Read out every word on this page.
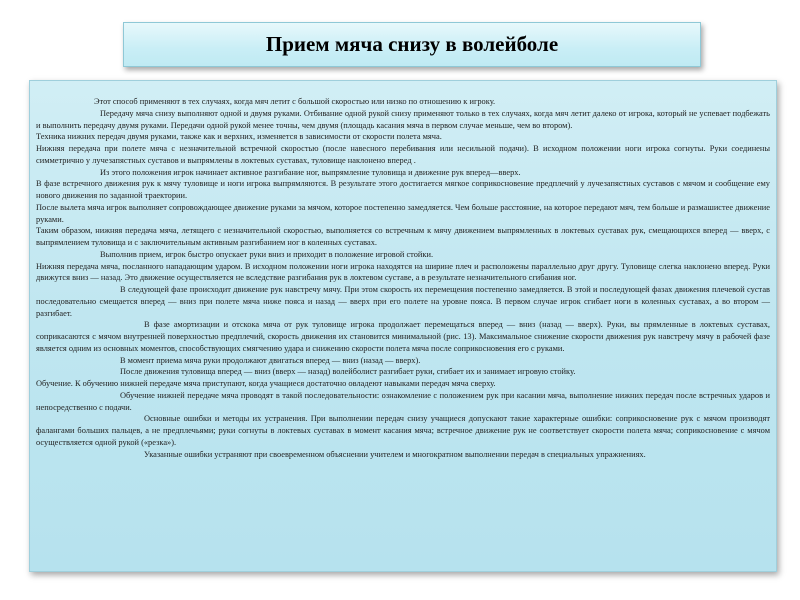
Прием мяча снизу в волейболе

Этот способ применяют в тех случаях, когда мяч летит с большой скоростью или низко по отношению к игроку.

Передачу мяча снизу выполняют одной и двумя руками. Отбивание одной рукой снизу применяют только в тех случаях, когда мяч летит далеко от игрока, который не успевает подбежать и выполнить передачу двумя руками. Передачи одной рукой менее точны, чем двумя (площадь касания мяча в первом случае меньше, чем во втором).

Техника нижних передач двумя руками, также как и верхних, изменяется в зависимости от скорости полета мяча.

Нижняя передача при полете мяча с незначительной встречной скоростью (после навесного перебивания или несильной подачи). В исходном положении ноги игрока согнуты. Руки соединены симметрично у лучезапястных суставов и выпрямлены в локтевых суставах, туловище наклонено вперед .

Из этого положения игрок начинает активное разгибание ног, выпрямление туловища и движение рук вперед—вверх.

В фазе встречного движения рук к мячу туловище и ноги игрока выпрямляются. В результате этого достигается мягкое соприкосновение предплечий у лучезапястных суставов с мячом и сообщение ему нового движения по заданной траектории.

После вылета мяча игрок выполняет сопровождающее движение руками за мячом, которое постепенно замедляется. Чем больше расстояние, на которое передают мяч, тем больше и размашистее движение руками.

Таким образом, нижняя передача мяча, летящего с незначительной скоростью, выполняется со встречным к мячу движением выпрямленных в локтевых суставах рук, смещающихся вперед — вверх, с выпрямлением туловища и с заключительным активным разгибанием ног в коленных суставах.

Выполнив прием, игрок быстро опускает руки вниз и приходит в положение игровой стойки.

Нижняя передача мяча, посланного нападающим ударом. В исходном положении ноги игрока находятся на ширине плеч и расположены параллельно друг другу. Туловище слегка наклонено вперед. Руки движутся вниз — назад. Это движение осуществляется не вследствие разгибания рук в локтевом суставе, а в результате незначительного сгибания ног.

В следующей фазе происходит движение рук навстречу мячу. При этом скорость их перемещения постепенно замедляется. В этой и последующей фазах движения плечевой сустав последовательно смещается вперед — вниз при полете мяча ниже пояса и назад — вверх при его полете на уровне пояса. В первом случае игрок сгибает ноги в коленных суставах, а во втором — разгибает.

В фазе амортизации и отскока мяча от рук туловище игрока продолжает перемещаться вперед — вниз (назад — вверх). Руки, вы прямленные в локтевых суставах, соприкасаются с мячом внутренней поверхностью предплечий, скорость движения их становится минимальной (рис. 13). Максимальное снижение скорости движения рук навстречу мячу в рабочей фазе является одним из основных моментов, способствующих смягчению удара и снижению скорости полета мяча после соприкосновения его с руками.

В момент приема мяча руки продолжают двигаться вперед — вниз (назад — вверх).

После движения туловища вперед — вниз (вверх — назад) волейболист разгибает руки, сгибает их и занимает игровую стойку.

Обучение. К обучению нижней передаче мяча приступают, когда учащиеся достаточно овладеют навыками передач мяча сверху.

Обучение нижней передаче мяча проводят в такой последовательности: ознакомление с положением рук при касании мяча, выполнение нижних передач после встречных ударов и непосредственно с подачи.

Основные ошибки и методы их устранения. При выполнении передач снизу учащиеся допускают такие характерные ошибки: соприкосновение рук с мячом производят фалангами больших пальцев, а не предплечьями; руки согнуты в локтевых суставах в момент касания мяча; встречное движение рук не соответствует скорости полета мяча; соприкосновение с мячом осуществляется одной рукой («резка»).

Указанные ошибки устраняют при своевременном объяснении учителем и многократном выполнении передач в специальных упражнениях.
